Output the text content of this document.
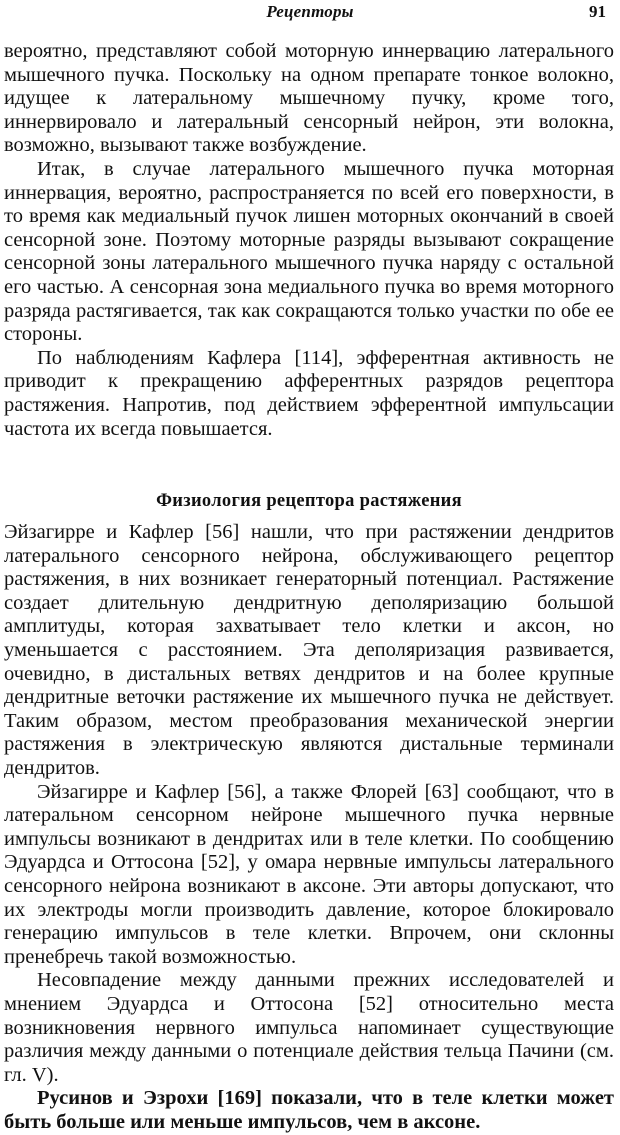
Рецепторы	91

вероятно, представляют собой моторную иннервацию латерального мышечного пучка. Поскольку на одном препарате тонкое волокно, идущее к латеральному мышечному пучку, кроме того, иннервировало и латеральный сенсорный нейрон, эти волокна, возможно, вызывают также возбуждение.

Итак, в случае латерального мышечного пучка моторная иннервация, вероятно, распространяется по всей его поверхности, в то время как медиальный пучок лишен моторных окончаний в своей сенсорной зоне. Поэтому моторные разряды вызывают сокращение сенсорной зоны латерального мышечного пучка наряду с остальной его частью. А сенсорная зона медиального пучка во время моторного разряда растягивается, так как сокращаются только участки по обе ее стороны.

По наблюдениям Кафлера [114], эфферентная активность не приводит к прекращению афферентных разрядов рецептора растяжения. Напротив, под действием эфферентной импульсации частота их всегда повышается.

Физиология рецептора растяжения

Эйзагирре и Кафлер [56] нашли, что при растяжении дендритов латерального сенсорного нейрона, обслуживающего рецептор растяжения, в них возникает генераторный потенциал. Растяжение создает длительную дендритную деполяризацию большой амплитуды, которая захватывает тело клетки и аксон, но уменьшается с расстоянием. Эта деполяризация развивается, очевидно, в дистальных ветвях дендритов и на более крупные дендритные веточки растяжение их мышечного пучка не действует. Таким образом, местом преобразования механической энергии растяжения в электрическую являются дистальные терминали дендритов.

Эйзагирре и Кафлер [56], а также Флорей [63] сообщают, что в латеральном сенсорном нейроне мышечного пучка нервные импульсы возникают в дендритах или в теле клетки. По сообщению Эдуардса и Оттосона [52], у омара нервные импульсы латерального сенсорного нейрона возникают в аксоне. Эти авторы допускают, что их электроды могли производить давление, которое блокировало генерацию импульсов в теле клетки. Впрочем, они склонны пренебречь такой возможностью.

Несовпадение между данными прежних исследователей и мнением Эдуардса и Оттосона [52] относительно места возникновения нервного импульса напоминает существующие различия между данными о потенциале действия тельца Пачини (см. гл. V).

Русинов и Эзрохи [169] показали, что в теле клетки может быть больше или меньше импульсов, чем в аксоне.
